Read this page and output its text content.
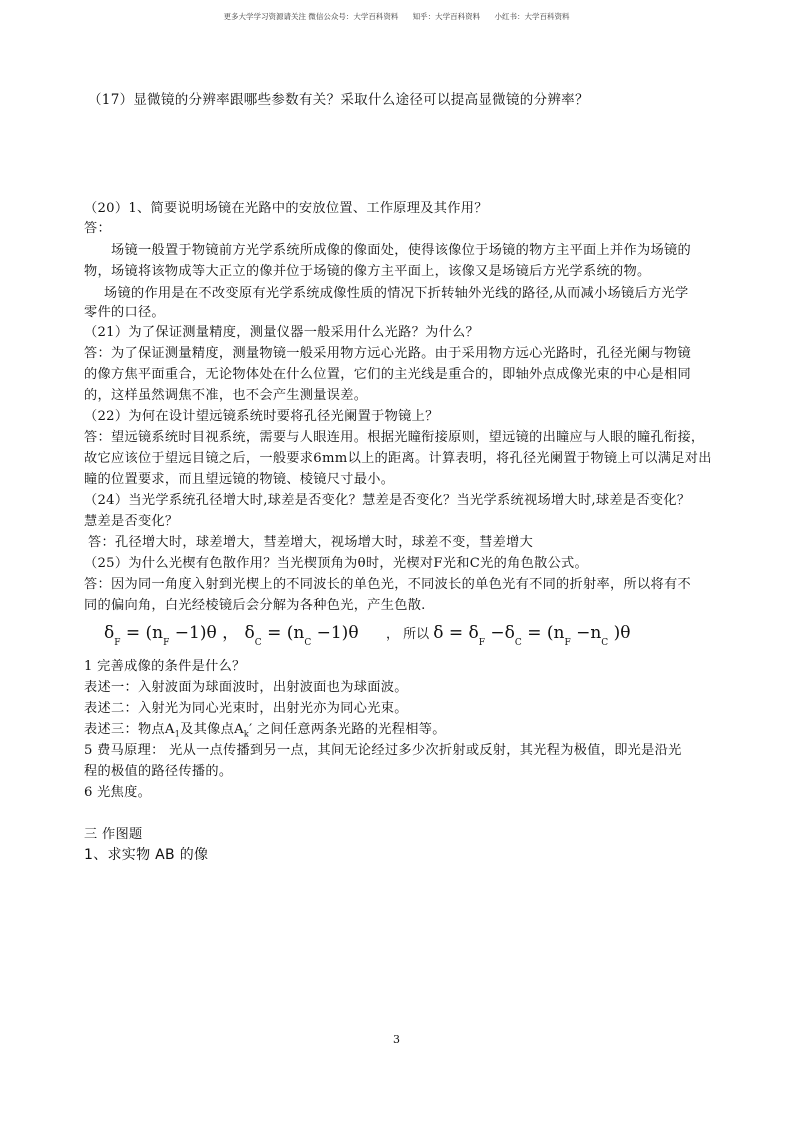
更多大学学习资源请关注 微信公众号：大学百科资料      知乎：大学百科资料      小红书：大学百科资料
（17）显微镜的分辨率跟哪些参数有关？采取什么途径可以提高显微镜的分辨率？
（20）1、简要说明场镜在光路中的安放位置、工作原理及其作用？
答：
场镜一般置于物镜前方光学系统所成像的像面处，使得该像位于场镜的物方主平面上并作为场镜的
物，场镜将该物成等大正立的像并位于场镜的像方主平面上，该像又是场镜后方光学系统的物。
场镜的作用是在不改变原有光学系统成像性质的情况下折转轴外光线的路径,从而减小场镜后方光学
零件的口径。
（21）为了保证测量精度，测量仪器一般采用什么光路？为什么？
答：为了保证测量精度，测量物镜一般采用物方远心光路。由于采用物方远心光路时，孔径光阑与物镜
的像方焦平面重合，无论物体处在什么位置，它们的主光线是重合的，即轴外点成像光束的中心是相同
的，这样虽然调焦不准，也不会产生测量误差。
（22）为何在设计望远镜系统时要将孔径光阑置于物镜上？
答：望远镜系统时目视系统，需要与人眼连用。根据光瞳衔接原则，望远镜的出瞳应与人眼的瞳孔衔接，
故它应该位于望远目镜之后，一般要求6mm以上的距离。计算表明，将孔径光阑置于物镜上可以满足对出
瞳的位置要求，而且望远镜的物镜、棱镜尺寸最小。
（24）当光学系统孔径增大时,球差是否变化？慧差是否变化？当光学系统视场增大时,球差是否变化？
慧差是否变化？
答：孔径增大时，球差增大，彗差增大，视场增大时，球差不变，彗差增大
（25）为什么光楔有色散作用？当光楔顶角为θ时，光楔对F光和C光的角色散公式。
答：因为同一角度入射到光楔上的不同波长的单色光，不同波长的单色光有不同的折射率，所以将有不
同的偏向角，白光经棱镜后会分解为各种色光，产生色散.
$\delta_F = (n_F -1)\theta$ ， $\delta_C = (n_C -1)\theta$ ， 所以 $\delta = \delta_F -\delta_C = (n_F -n_C$ )θ
1 完善成像的条件是什么？
表述一：入射波面为球面波时，出射波面也为球面波。
表述二：入射光为同心光束时，出射光亦为同心光束。
表述三：物点$A_1$及其像点$A_k'$ 之间任意两条光路的光程相等。
5 费马原理： 光从一点传播到另一点，其间无论经过多少次折射或反射，其光程为极值，即光是沿光
程的极值的路径传播的。
6 光焦度。
三 作图题
1、求实物 AB 的像
3
